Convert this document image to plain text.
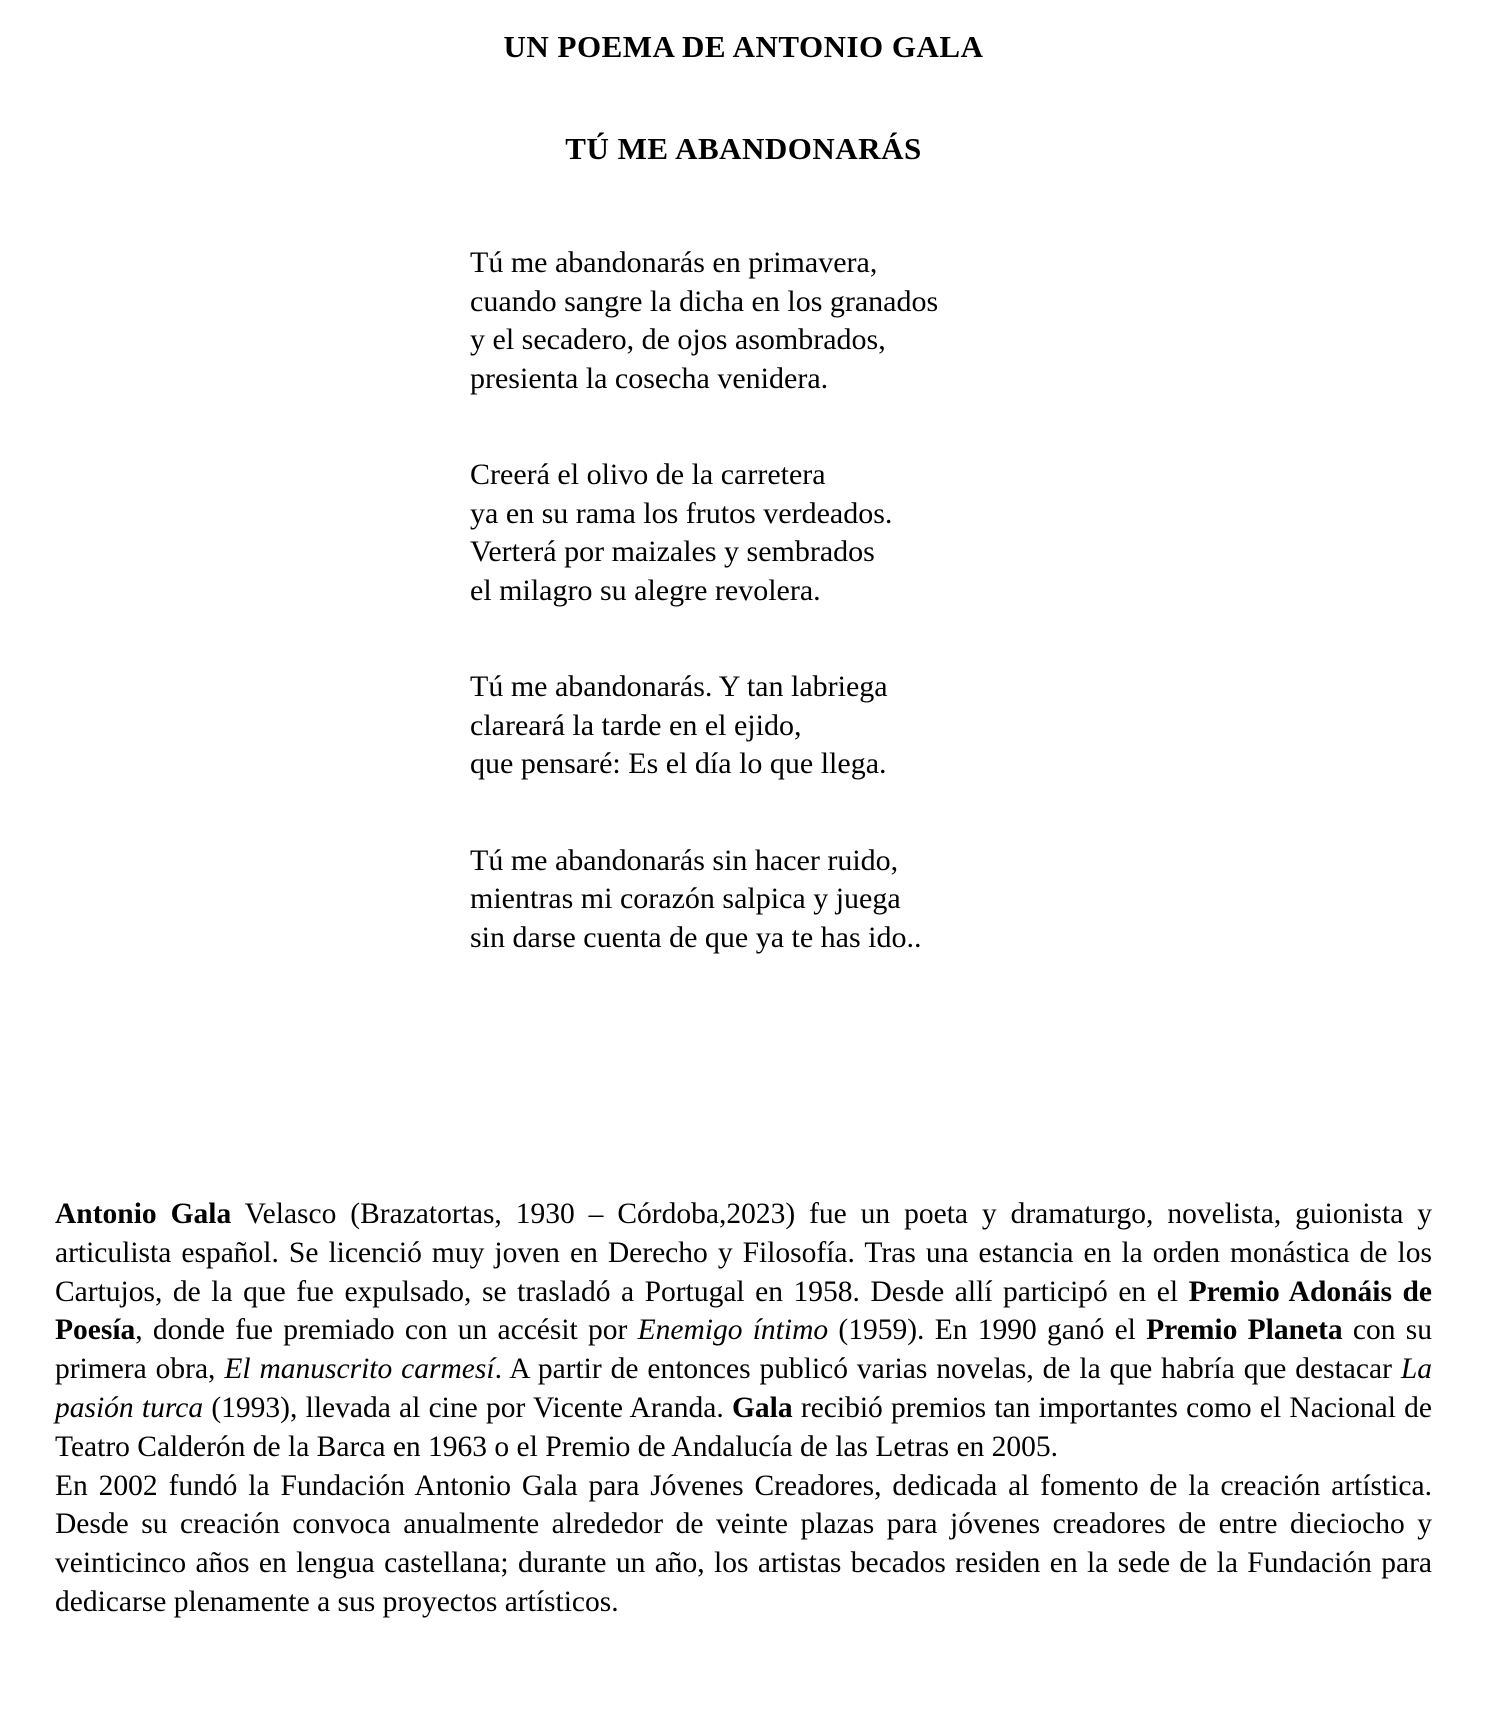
UN POEMA DE ANTONIO GALA
TÚ ME ABANDONARÁS
Tú me abandonarás en primavera,
cuando sangre la dicha en los granados
y el secadero, de ojos asombrados,
presienta la cosecha venidera.
Creerá el olivo de la carretera
ya en su rama los frutos verdeados.
Verterá por maizales y sembrados
el milagro su alegre revolera.
Tú me abandonarás. Y tan labriega
clareará la tarde en el ejido,
que pensaré: Es el día lo que llega.
Tú me abandonarás sin hacer ruido,
mientras mi corazón salpica y juega
sin darse cuenta de que ya te has ido..

Antonio Gala Velasco (Brazatortas, 1930 – Córdoba,2023) fue un poeta y dramaturgo, novelista, guionista y articulista español. Se licenció muy joven en Derecho y Filosofía. Tras una estancia en la orden monástica de los Cartujos, de la que fue expulsado, se trasladó a Portugal en 1958. Desde allí participó en el Premio Adonáis de Poesía, donde fue premiado con un accésit por Enemigo íntimo (1959). En 1990 ganó el Premio Planeta con su primera obra, El manuscrito carmesí. A partir de entonces publicó varias novelas, de la que habría que destacar La pasión turca (1993), llevada al cine por Vicente Aranda. Gala recibió premios tan importantes como el Nacional de Teatro Calderón de la Barca en 1963 o el Premio de Andalucía de las Letras en 2005.

En 2002 fundó la Fundación Antonio Gala para Jóvenes Creadores, dedicada al fomento de la creación artística. Desde su creación convoca anualmente alrededor de veinte plazas para jóvenes creadores de entre dieciocho y veinticinco años en lengua castellana; durante un año, los artistas becados residen en la sede de la Fundación para dedicarse plenamente a sus proyectos artísticos.
